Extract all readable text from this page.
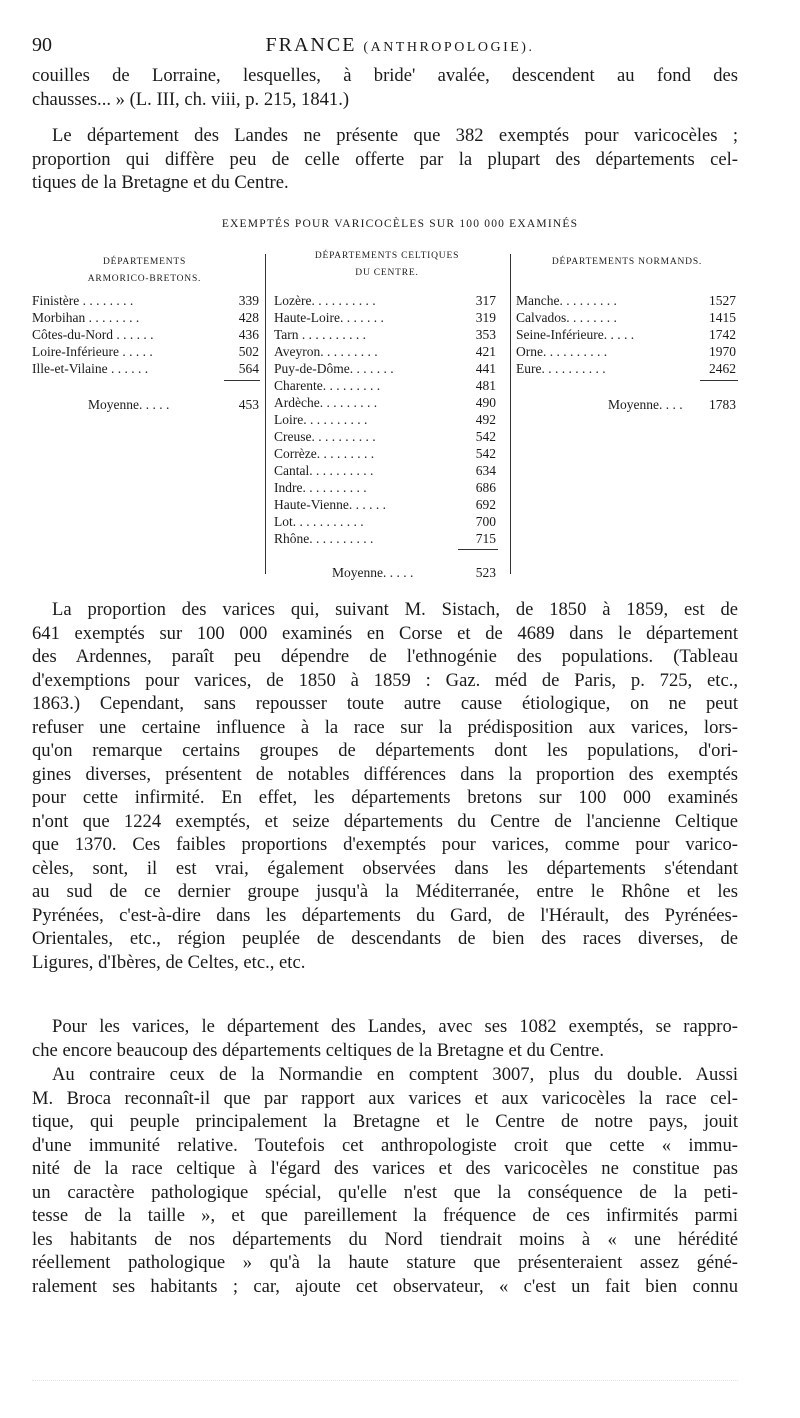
90	FRANCE (ANTHROPOLOGIE).
couilles de Lorraine, lesquelles, à bride' avalée, descendent au fond des
chausses... » (L. III, ch. viii, p. 215, 1841.)
Le département des Landes ne présente que 382 exemptés pour varicocèles ;
proportion qui diffère peu de celle offerte par la plupart des départements cel-
tiques de la Bretagne et du Centre.
EXEMPTÉS POUR VARICOCÈLES SUR 100 000 EXAMINÉS
DÉPARTEMENTS
ARMORICO-BRETONS.
Finistère . . . . . . . .	339
Morbihan . . . . . . . .	428
Côtes-du-Nord . . . . . .	436
Loire-Inférieure . . . . .	502
Ille-et-Vilaine . . . . . .	564
Moyenne. . . . .	453
DÉPARTEMENTS CELTIQUES
DU CENTRE.
Lozère. . . . . . . . . .	317
Haute-Loire. . . . . . .	319
Tarn . . . . . . . . . .	353
Aveyron. . . . . . . . .	421
Puy-de-Dôme. . . . . . .	441
Charente. . . . . . . . .	481
Ardèche. . . . . . . . .	490
Loire. . . . . . . . . .	492
Creuse. . . . . . . . . .	542
Corrèze. . . . . . . . .	542
Cantal. . . . . . . . . .	634
Indre. . . . . . . . . .	686
Haute-Vienne. . . . . .	692
Lot. . . . . . . . . . .	700
Rhône. . . . . . . . . .	715
Moyenne. . . . .	523
DÉPARTEMENTS NORMANDS.
Manche. . . . . . . . .	1527
Calvados. . . . . . . .	1415
Seine-Inférieure. . . . .	1742
Orne. . . . . . . . . .	1970
Eure. . . . . . . . . .	2462
Moyenne. . . . 1783
La proportion des varices qui, suivant M. Sistach, de 1850 à 1859, est de
641 exemptés sur 100 000 examinés en Corse et de 4689 dans le département
des Ardennes, paraît peu dépendre de l'ethnogénie des populations. (Tableau
d'exemptions pour varices, de 1850 à 1859 : Gaz. méd de Paris, p. 725, etc.,
1863.) Cependant, sans repousser toute autre cause étiologique, on ne peut
refuser une certaine influence à la race sur la prédisposition aux varices, lors-
qu'on remarque certains groupes de départements dont les populations, d'ori-
gines diverses, présentent de notables différences dans la proportion des exemptés
pour cette infirmité. En effet, les départements bretons sur 100 000 examinés
n'ont que 1224 exemptés, et seize départements du Centre de l'ancienne Celtique
que 1370. Ces faibles proportions d'exemptés pour varices, comme pour varico-
cèles, sont, il est vrai, également observées dans les départements s'étendant
au sud de ce dernier groupe jusqu'à la Méditerranée, entre le Rhône et les
Pyrénées, c'est-à-dire dans les départements du Gard, de l'Hérault, des Pyrénées-
Orientales, etc., région peuplée de descendants de bien des races diverses, de
Ligures, d'Ibères, de Celtes, etc., etc.
Pour les varices, le département des Landes, avec ses 1082 exemptés, se rappro-
che encore beaucoup des départements celtiques de la Bretagne et du Centre.
Au contraire ceux de la Normandie en comptent 3007, plus du double. Aussi
M. Broca reconnaît-il que par rapport aux varices et aux varicocèles la race cel-
tique, qui peuple principalement la Bretagne et le Centre de notre pays, jouit
d'une immunité relative. Toutefois cet anthropologiste croit que cette « immu-
nité de la race celtique à l'égard des varices et des varicocèles ne constitue pas
un caractère pathologique spécial, qu'elle n'est que la conséquence de la peti-
tesse de la taille », et que pareillement la fréquence de ces infirmités parmi
les habitants de nos départements du Nord tiendrait moins à « une hérédité
réellement pathologique » qu'à la haute stature que présenteraient assez géné-
ralement ses habitants ; car, ajoute cet observateur, « c'est un fait bien connu
